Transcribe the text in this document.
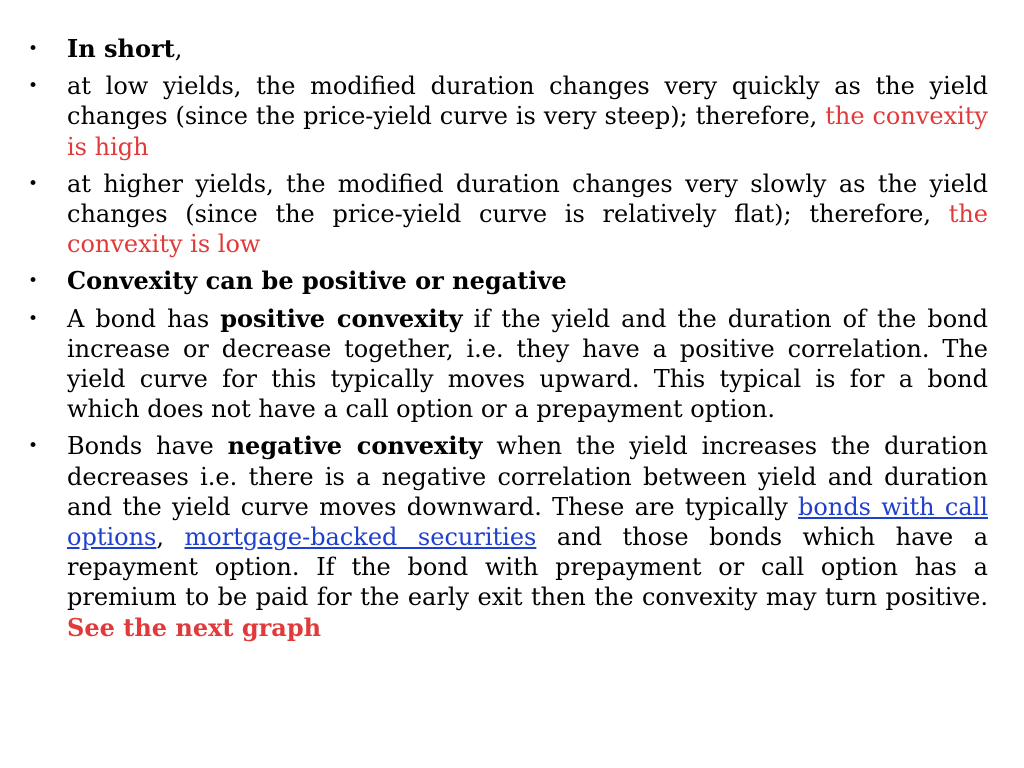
• In short,
• at low yields, the modified duration changes very quickly as the yield changes (since the price-yield curve is very steep); therefore, the convexity is high
• at higher yields, the modified duration changes very slowly as the yield changes (since the price-yield curve is relatively flat); therefore, the convexity is low
• Convexity can be positive or negative
• A bond has positive convexity if the yield and the duration of the bond increase or decrease together, i.e. they have a positive correlation. The yield curve for this typically moves upward. This typical is for a bond which does not have a call option or a prepayment option.
• Bonds have negative convexity when the yield increases the duration decreases i.e. there is a negative correlation between yield and duration and the yield curve moves downward. These are typically bonds with call options, mortgage-backed securities and those bonds which have a repayment option. If the bond with prepayment or call option has a premium to be paid for the early exit then the convexity may turn positive. See the next graph
